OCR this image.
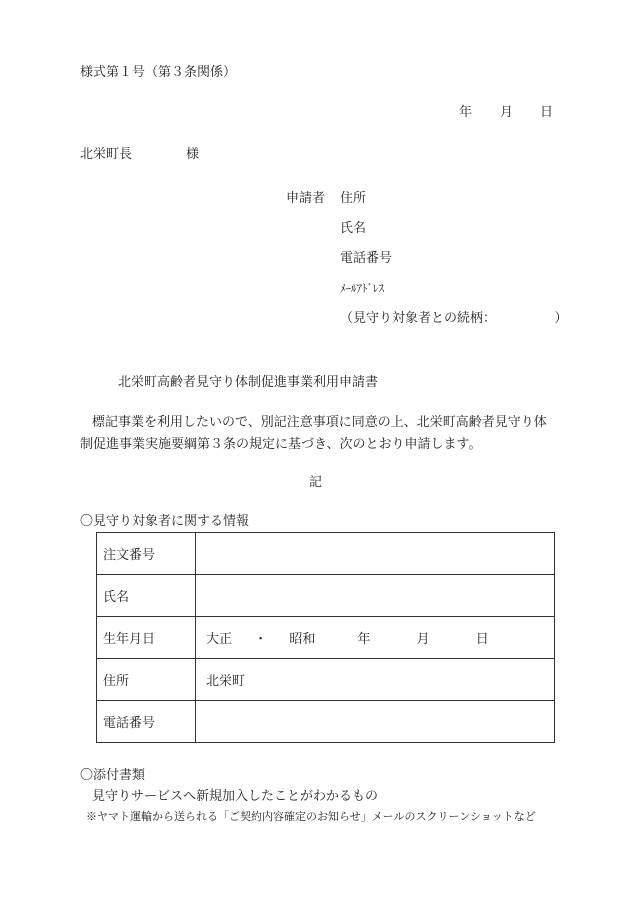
様式第１号（第３条関係）
年 月 日
北栄町長	様
申請者 住所
氏名
電話番号
ﾒｰﾙｱﾄﾞﾚｽ
（見守り対象者との続柄：　　　　　）
北栄町高齢者見守り体制促進事業利用申請書
標記事業を利用したいので、別記注意事項に同意の上、北栄町高齢者見守り体
制促進事業実施要綱第３条の規定に基づき、次のとおり申請します。
記
〇見守り対象者に関する情報
注文番号	
氏名	
生年月日	大正 ・ 昭和 年 月 日
住所	北栄町
電話番号	
〇添付書類
見守りサービスへ新規加入したことがわかるもの
※ヤマト運輸から送られる「ご契約内容確定のお知らせ」メールのスクリーンショットなど
